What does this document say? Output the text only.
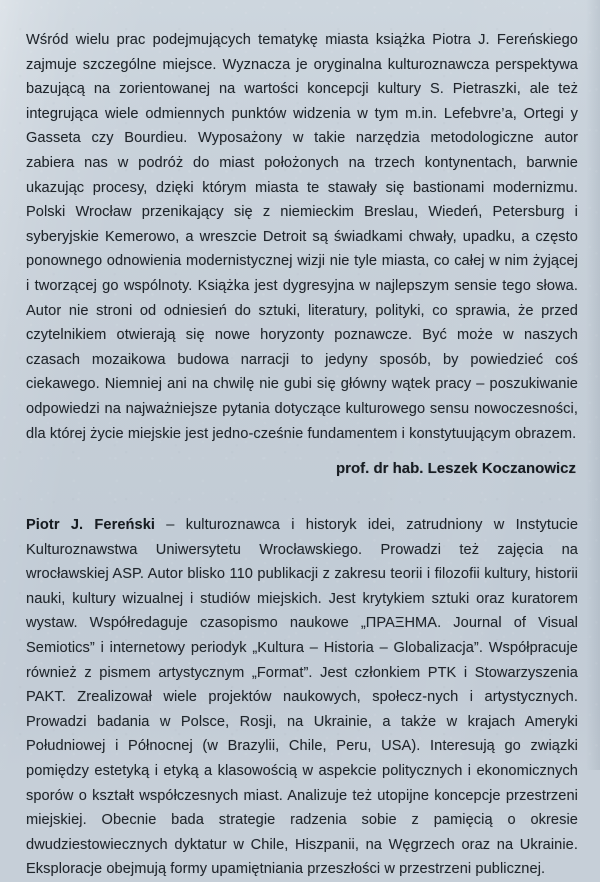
Wśród wielu prac podejmujących tematykę miasta książka Piotra J. Fereńskiego zajmuje szczególne miejsce. Wyznacza je oryginalna kulturoznawcza perspektywa bazującą na zorientowanej na wartości koncepcji kultury S. Pietraszki, ale też integrująca wiele odmiennych punktów widzenia w tym m.in. Lefebvre’a, Ortegi y Gasseta czy Bourdieu. Wyposażony w takie narzędzia metodologiczne autor zabiera nas w podróż do miast położonych na trzech kontynentach, barwnie ukazując procesy, dzięki którym miasta te stawały się bastionami modernizmu. Polski Wrocław przenikający się z niemieckim Breslau, Wiedeń, Petersburg i syberyjskie Kemerowo, a wreszcie Detroit są świadkami chwały, upadku, a często ponownego odnowienia modernistycznej wizji nie tyle miasta, co całej w nim żyjącej i tworzącej go wspólnoty. Książka jest dygresyjna w najlepszym sensie tego słowa. Autor nie stroni od odniesień do sztuki, literatury, polityki, co sprawia, że przed czytelnikiem otwierają się nowe horyzonty poznawcze. Być może w naszych czasach mozaikowa budowa narracji to jedyny sposób, by powiedzieć coś ciekawego. Niemniej ani na chwilę nie gubi się główny wątek pracy – poszukiwanie odpowiedzi na najważniejsze pytania dotyczące kulturowego sensu nowoczesności, dla której życie miejskie jest jedno-cześnie fundamentem i konstytuującym obrazem.

prof. dr hab. Leszek Koczanowicz

Piotr J. Fereński – kulturoznawca i historyk idei, zatrudniony w Instytucie Kulturoznawstwa Uniwersytetu Wrocławskiego. Prowadzi też zajęcia na wrocławskiej ASP. Autor blisko 110 publikacji z zakresu teorii i filozofii kultury, historii nauki, kultury wizualnej i studiów miejskich. Jest krytykiem sztuki oraz kuratorem wystaw. Współredaguje czasopismo naukowe „ΠΡΑΞΗΜΑ. Journal of Visual Semiotics” i internetowy periodyk „Kultura – Historia – Globalizacja”. Współpracuje również z pismem artystycznym „Format”. Jest członkiem PTK i Stowarzyszenia PAKT. Zrealizował wiele projektów naukowych, społecz-nych i artystycznych. Prowadzi badania w Polsce, Rosji, na Ukrainie, a także w krajach Ameryki Południowej i Północnej (w Brazylii, Chile, Peru, USA). Interesują go związki pomiędzy estetyką i etyką a klasowością w aspekcie politycznych i ekonomicznych sporów o kształt współczesnych miast. Analizuje też utopijne koncepcje przestrzeni miejskiej. Obecnie bada strategie radzenia sobie z pamięcią o okresie dwudziestowiecznych dyktatur w Chile, Hiszpanii, na Węgrzech oraz na Ukrainie. Eksploracje obejmują formy upamiętniania przeszłości w przestrzeni publicznej.
